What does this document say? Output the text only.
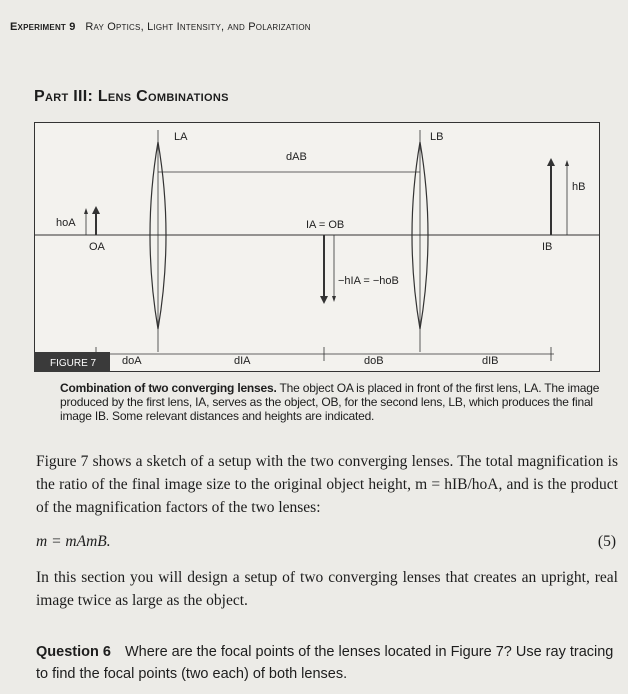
Experiment 9 Ray Optics, Light Intensity, and Polarization
Part III: Lens Combinations
LA	LB
dAB
hB
hoA
OA
IA = OB
IB
−hIA = −hoB
doA	dIA	doB	dIB
FIGURE 7
Combination of two converging lenses. The object OA is placed in front of the first lens, LA. The image produced by the first lens, IA, serves as the object, OB, for the second lens, LB, which produces the final image IB. Some relevant distances and heights are indicated.
Figure 7 shows a sketch of a setup with the two converging lenses. The total magnification is the ratio of the final image size to the original object height, m = hIB/hoA, and is the product of the magnification factors of the two lenses:
m = mAmB.	(5)
In this section you will design a setup of two converging lenses that creates an upright, real image twice as large as the object.
Question 6 Where are the focal points of the lenses located in Figure 7? Use ray tracing to find the focal points (two each) of both lenses.
